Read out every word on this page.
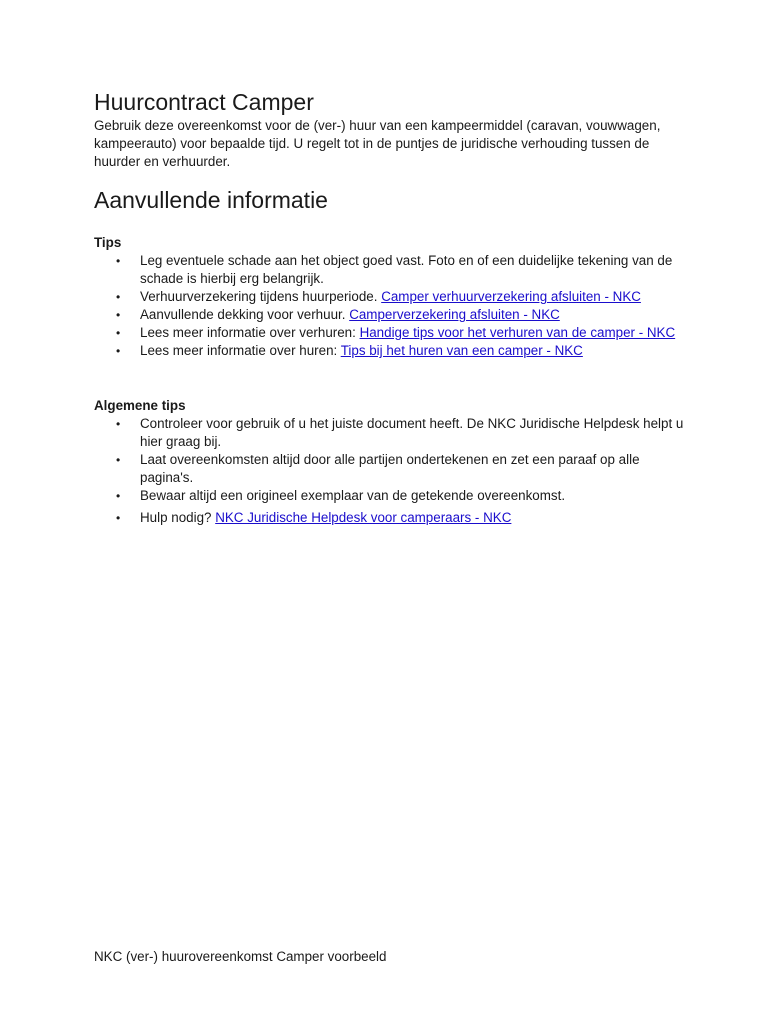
Huurcontract Camper

Gebruik deze overeenkomst voor de (ver-) huur van een kampeermiddel (caravan, vouwwagen, kampeerauto) voor bepaalde tijd. U regelt tot in de puntjes de juridische verhouding tussen de huurder en verhuurder.

Aanvullende informatie

Tips

• Leg eventuele schade aan het object goed vast. Foto en of een duidelijke tekening van de schade is hierbij erg belangrijk.
• Verhuurverzekering tijdens huurperiode. Camper verhuurverzekering afsluiten - NKC
• Aanvullende dekking voor verhuur. Camperverzekering afsluiten - NKC
• Lees meer informatie over verhuren: Handige tips voor het verhuren van de camper - NKC
• Lees meer informatie over huren: Tips bij het huren van een camper - NKC

Algemene tips

• Controleer voor gebruik of u het juiste document heeft. De NKC Juridische Helpdesk helpt u hier graag bij.
• Laat overeenkomsten altijd door alle partijen ondertekenen en zet een paraaf op alle pagina's.
• Bewaar altijd een origineel exemplaar van de getekende overeenkomst.
• Hulp nodig? NKC Juridische Helpdesk voor camperaars - NKC

NKC (ver-) huurovereenkomst Camper voorbeeld
